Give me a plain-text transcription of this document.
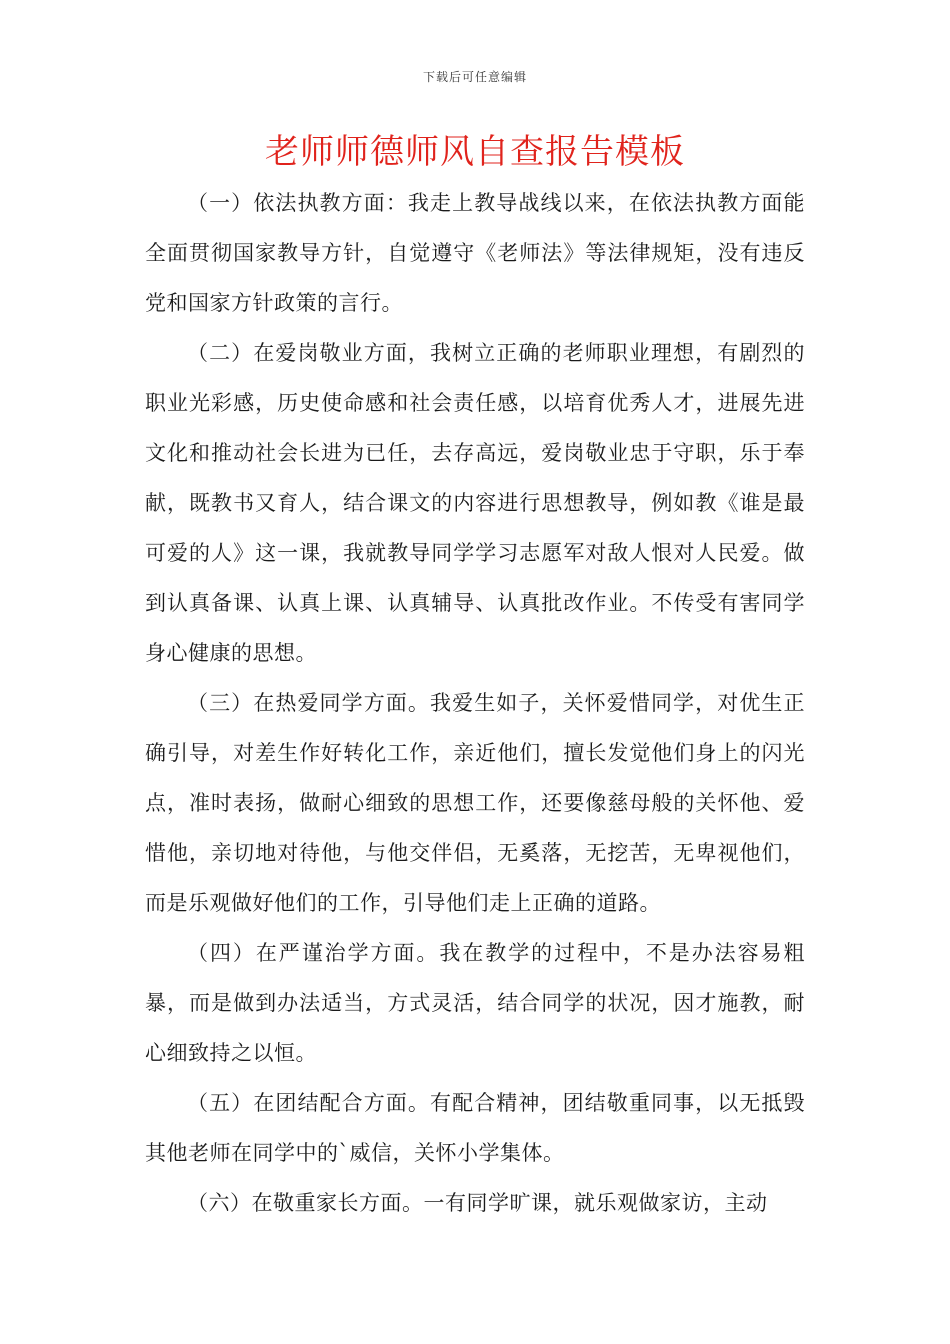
下载后可任意编辑
老师师德师风自查报告模板

（一）依法执教方面：我走上教导战线以来，在依法执教方面能全面贯彻国家教导方针，自觉遵守《老师法》等法律规矩，没有违反党和国家方针政策的言行。

（二）在爱岗敬业方面，我树立正确的老师职业理想，有剧烈的职业光彩感，历史使命感和社会责任感，以培育优秀人才，进展先进文化和推动社会长进为已任，去存高远，爱岗敬业忠于守职，乐于奉献，既教书又育人，结合课文的内容进行思想教导，例如教《谁是最可爱的人》这一课，我就教导同学学习志愿军对敌人恨对人民爱。做到认真备课、认真上课、认真辅导、认真批改作业。不传受有害同学身心健康的思想。

（三）在热爱同学方面。我爱生如子，关怀爱惜同学，对优生正确引导，对差生作好转化工作，亲近他们，擅长发觉他们身上的闪光点，准时表扬，做耐心细致的思想工作，还要像慈母般的关怀他、爱惜他，亲切地对待他，与他交伴侣，无奚落，无挖苦，无卑视他们，而是乐观做好他们的工作，引导他们走上正确的道路。

（四）在严谨治学方面。我在教学的过程中，不是办法容易粗暴，而是做到办法适当，方式灵活，结合同学的状况，因才施教，耐心细致持之以恒。

（五）在团结配合方面。有配合精神，团结敬重同事，以无抵毁其他老师在同学中的`威信，关怀小学集体。

（六）在敬重家长方面。一有同学旷课，就乐观做家访，主动
